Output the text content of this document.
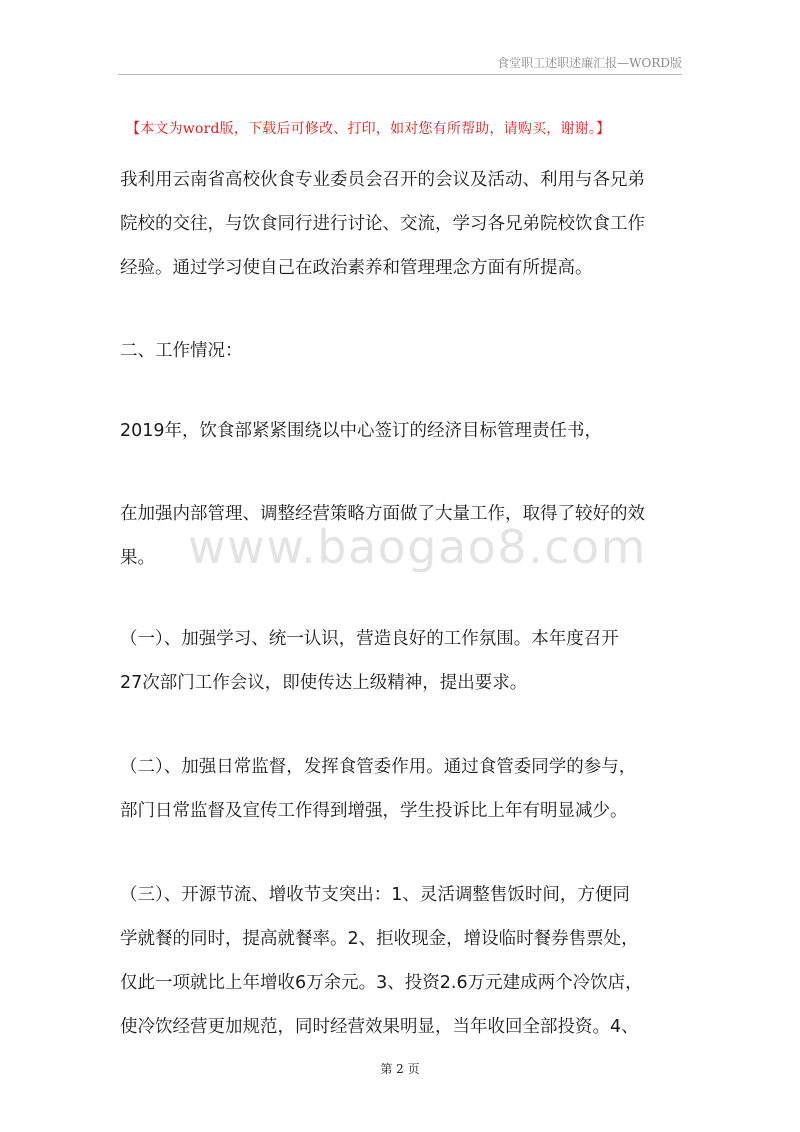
食堂职工述职述廉汇报—WORD版
【本文为word版，下载后可修改、打印，如对您有所帮助，请购买，谢谢。】
www.baogao8.com

我利用云南省高校伙食专业委员会召开的会议及活动、利用与各兄弟
院校的交往，与饮食同行进行讨论、交流，学习各兄弟院校饮食工作
经验。通过学习使自己在政治素养和管理理念方面有所提高。

二、工作情况：

2019年，饮食部紧紧围绕以中心签订的经济目标管理责任书，

在加强内部管理、调整经营策略方面做了大量工作，取得了较好的效
果。

（一）、加强学习、统一认识，营造良好的工作氛围。本年度召开
27次部门工作会议，即使传达上级精神，提出要求。

（二）、加强日常监督，发挥食管委作用。通过食管委同学的参与，
部门日常监督及宣传工作得到增强，学生投诉比上年有明显减少。

（三）、开源节流、增收节支突出：1、灵活调整售饭时间，方便同
学就餐的同时，提高就餐率。2、拒收现金，增设临时餐券售票处，
仅此一项就比上年增收6万余元。3、投资2.6万元建成两个冷饮店，
使冷饮经营更加规范，同时经营效果明显，当年收回全部投资。4、

第 2 页
